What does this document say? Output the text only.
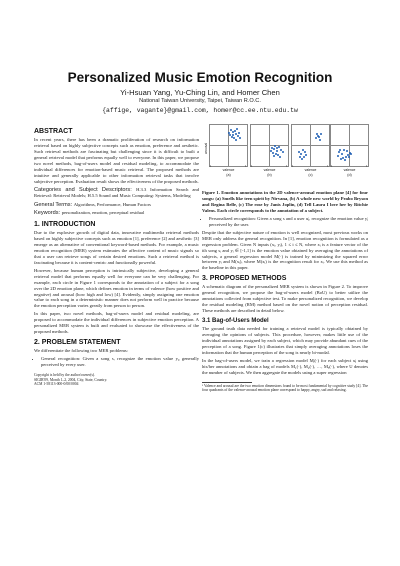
Personalized Music Emotion Recognition
Yi-Hsuan Yang, Yu-Ching Lin, and Homer Chen
National Taiwan University, Taipei, Taiwan R.O.C.
{affige, vagante}@gmail.com, homer@cc.ee.ntu.edu.tw
ABSTRACT

In recent years, there has been a dramatic proliferation of research on information retrieval based on highly subjective concepts such as emotion, preference and aesthetic. Such retrieval methods are fascinating but challenging since it is difficult to built a general retrieval model that performs equally well to everyone. In this paper, we propose two novel methods, bag-of-users model and residual modeling, to accommodate the individual differences for emotion-based music retrieval. The proposed methods are intuitive and generally applicable to other information retrieval tasks that involve subjective perception. Evaluation result shows the effectiveness of the proposed methods.

Categories and Subject Descriptors: H.3.3 Information Search and Retrieval: Retrieval Models; H.5.5 Sound and Music Computing: Systems, Modeling
General Terms: Algorithms, Performance, Human Factors
Keywords: personalization, emotion, perceptual residual
1. INTRODUCTION

Due to the explosive growth of digital data, innovative multimedia retrieval methods based on highly subjective concepts such as emotion [1], preference [2] and aesthetic [3] emerge as an alternative of conventional keyword-based methods. For example, a music emotion recognition (MER) system estimates the affective content of music signals so that a user can retrieve songs of certain desired emotions. Such a retrieval method is fascinating because it is content-centric and functionally powerful.

However, because human perception is intrinsically subjective, developing a general retrieval model that performs equally well for everyone can be very challenging. For example, each circle in Figure 1 corresponds to the annotation of a subject for a song over the 2D emotion plane, which defines emotion in terms of valence (how positive and negative) and arousal (how high and low) [4]. Evidently, simply assigning one emotion value to each song in a deterministic manner does not perform well in practice because the emotion perception varies greatly from person to person.

In this paper, two novel methods, bag-of-users model and residual modeling, are proposed to accommodate the individual differences in subjective emotion perception. A personalized MER system is built and evaluated to showcase the effectiveness of the proposed methods.

2. PROBLEM STATEMENT

We differentiate the following two MER problems:

• General recognition: Given a song s, recognize the emotion value y₀ generally perceived by every user.
Copyright is held by the author/owner(s).
SIGIR'09, Month 1–2, 2004, City, State, Country.
ACM 1-58113-000-0/00/0004
-1	1
valence
(a)
arousal
-1	1
valence
(b)
-1	1
valence
(c)
-1	1
valence
(d)

Figure 1. Emotion annotations in the 2D valence-arousal emotion plane [4] for four songs: (a) Smells like teen spirit by Nirvana, (b) A whole new world by Peabo Bryson and Regina Belle, (c) The rose by Janis Joplin, (d) Tell Laura I love her by Ritchie Valens. Each circle corresponds to the annotation of a subject.

• Personalized recognition: Given a song s and a user uⱼ, recognize the emotion value yⱼ perceived by the user.

Despite that the subjective nature of emotion is well recognized, most previous works on MER only address the general recognition. In [1], emotion recognition is formulated as a regression problem. Given N inputs (xᵢ, yᵢ), 1 ≤ i ≤ N, where xᵢ is a feature vector of the ith song sᵢ and yᵢ ∈ [-1,1] is the emotion value obtained by averaging the annotations of subjects, a general regression model M(·) is trained by minimizing the squared error between yᵢ and M(xᵢ), where M(xᵢ) is the recognition result for xᵢ. We use this method as the baseline in this paper.

3. PROPOSED METHODS

A schematic diagram of the personalized MER system is shown in Figure 2. To improve general recognition, we propose the bag-of-users model (BoU) to better utilize the annotations collected from subjective test. To make personalized recognition, we develop the residual modeling (RM) method based on the novel notion of perception residual. These methods are described in detail below.

3.1 Bag-of-Users Model

The ground truth data needed for training a retrieval model is typically obtained by averaging the opinions of subjects. This procedure, however, makes little use of the individual annotations assigned by each subject, which may provide abundant cues of the perception of a song. Figure 1(c) illustrates that simply averaging annotations loses the information that the human perception of the song is nearly bi-modal.

In the bag-of-users model, we train a regression model Mⱼ(·) for each subject uⱼ using his/her annotations and obtain a bag of models M₁(·), M₂(·), …, Mᵤ(·), where U denotes the number of subjects. We then aggregate the models using a super regression

¹ Valence and arousal are the two emotion dimensions found to be most fundamental by cognitive study [4]. The four quadrants of the valence-arousal emotion plane correspond to happy, angry, sad and relaxing.
